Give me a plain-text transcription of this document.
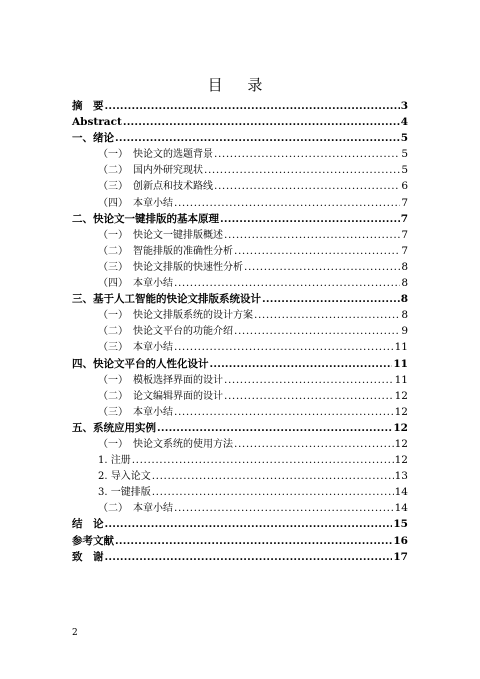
目 录
摘　要 .....	3
Abstract .....	4
一、绪论 .....	5
（一）　快论文的选题背景 .....	5
（二）　国内外研究现状 .....	5
（三）　创新点和技术路线 .....	6
（四）　本章小结 .....	7
二、快论文一键排版的基本原理 .....	7
（一）　快论文一键排版概述 .....	7
（二）　智能排版的准确性分析 .....	7
（三）　快论文排版的快速性分析 .....	8
（四）　本章小结 .....	8
三、基于人工智能的快论文排版系统设计 .....	8
（一）　快论文排版系统的设计方案 .....	8
（二）　快论文平台的功能介绍 .....	9
（三）　本章小结 .....	11
四、快论文平台的人性化设计 .....	11
（一）　模板选择界面的设计 .....	11
（二）　论文编辑界面的设计 .....	12
（三）　本章小结 .....	12
五、系统应用实例 .....	12
（一）　快论文系统的使用方法 .....	12
1. 注册 .....	12
2. 导入论文 .....	13
3. 一键排版 .....	14
（二）　本章小结 .....	14
结　论 .....	15
参考文献 .....	16
致　谢 .....	17
2
